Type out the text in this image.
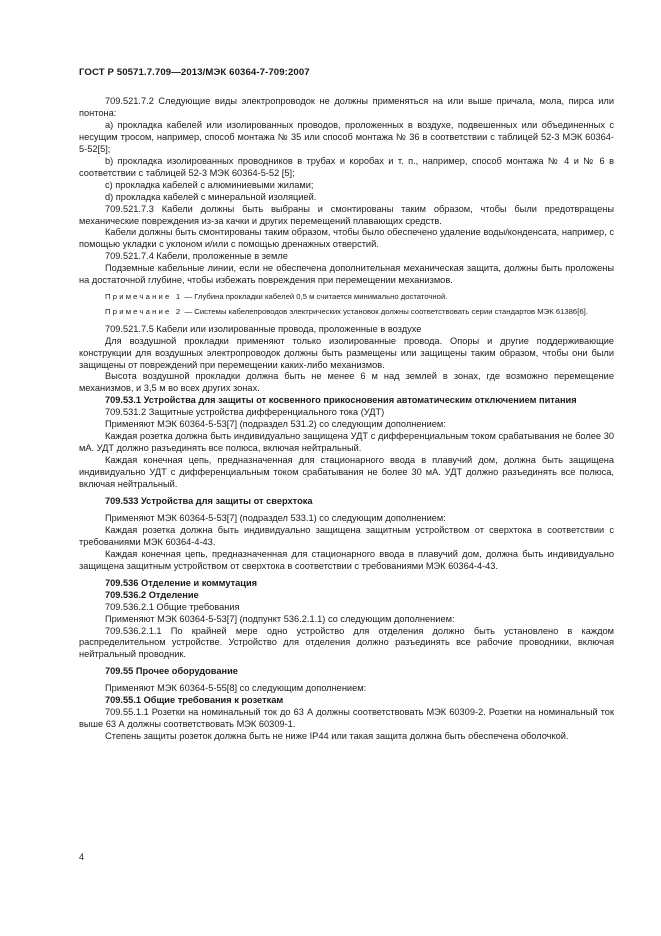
ГОСТ Р 50571.7.709—2013/МЭК 60364-7-709:2007

709.521.7.2 Следующие виды электропроводок не должны применяться на или выше причала, мола, пирса или понтона:

a) прокладка кабелей или изолированных проводов, проложенных в воздухе, подвешенных или объединенных с несущим тросом, например, способ монтажа № 35 или способ монтажа № 36 в соответствии с таблицей 52-3 МЭК 60364-5-52[5];

b) прокладка изолированных проводников в трубах и коробах и т. п., например, способ монтажа № 4 и № 6 в соответствии с таблицей 52-3 МЭК 60364-5-52 [5];

c) прокладка кабелей с алюминиевыми жилами;

d) прокладка кабелей с минеральной изоляцией.

709.521.7.3 Кабели должны быть выбраны и смонтированы таким образом, чтобы были предотвращены механические повреждения из-за качки и других перемещений плавающих средств.

Кабели должны быть смонтированы таким образом, чтобы было обеспечено удаление воды/конденсата, например, с помощью укладки с уклоном и/или с помощью дренажных отверстий.

709.521.7.4 Кабели, проложенные в земле

Подземные кабельные линии, если не обеспечена дополнительная механическая защита, должны быть проложены на достаточной глубине, чтобы избежать повреждения при перемещении механизмов.

Примечание 1 — Глубина прокладки кабелей 0,5 м считается минимально достаточной.

Примечание 2 — Системы кабелепроводов электрических установок должны соответствовать серии стандартов МЭК 61386[6].

709.521.7.5 Кабели или изолированные провода, проложенные в воздухе

Для воздушной прокладки применяют только изолированные провода. Опоры и другие поддерживающие конструкции для воздушных электропроводок должны быть размещены или защищены таким образом, чтобы они были защищены от повреждений при перемещении каких-либо механизмов.

Высота воздушной прокладки должна быть не менее 6 м над землей в зонах, где возможно перемещение механизмов, и 3,5 м во всех других зонах.

709.53.1 Устройства для защиты от косвенного прикосновения автоматическим отключением питания

709.531.2 Защитные устройства дифференциального тока (УДТ)

Применяют МЭК 60364-5-53[7] (подраздел 531.2) со следующим дополнением:

Каждая розетка должна быть индивидуально защищена УДТ с дифференциальным током срабатывания не более 30 мА. УДТ должно разъединять все полюса, включая нейтральный.

Каждая конечная цепь, предназначенная для стационарного ввода в плавучий дом, должна быть защищена индивидуально УДТ с дифференциальным током срабатывания не более 30 мА. УДТ должно разъединять все полюса, включая нейтральный.

709.533 Устройства для защиты от сверхтока

Применяют МЭК 60364-5-53[7] (подраздел 533.1) со следующим дополнением:

Каждая розетка должна быть индивидуально защищена защитным устройством от сверхтока в соответствии с требованиями МЭК 60364-4-43.

Каждая конечная цепь, предназначенная для стационарного ввода в плавучий дом, должна быть индивидуально защищена защитным устройством от сверхтока в соответствии с требованиями МЭК 60364-4-43.

709.536 Отделение и коммутация

709.536.2 Отделение

709.536.2.1 Общие требования

Применяют МЭК 60364-5-53[7] (подпункт 536.2.1.1) со следующим дополнением:

709.536.2.1.1 По крайней мере одно устройство для отделения должно быть установлено в каждом распределительном устройстве. Устройство для отделения должно разъединять все рабочие проводники, включая нейтральный проводник.

709.55 Прочее оборудование

Применяют МЭК 60364-5-55[8] со следующим дополнением:

709.55.1 Общие требования к розеткам

709.55.1.1 Розетки на номинальный ток до 63 А должны соответствовать МЭК 60309-2. Розетки на номинальный ток выше 63 А должны соответствовать МЭК 60309-1.

Степень защиты розеток должна быть не ниже IP44 или такая защита должна быть обеспечена оболочкой.

4
